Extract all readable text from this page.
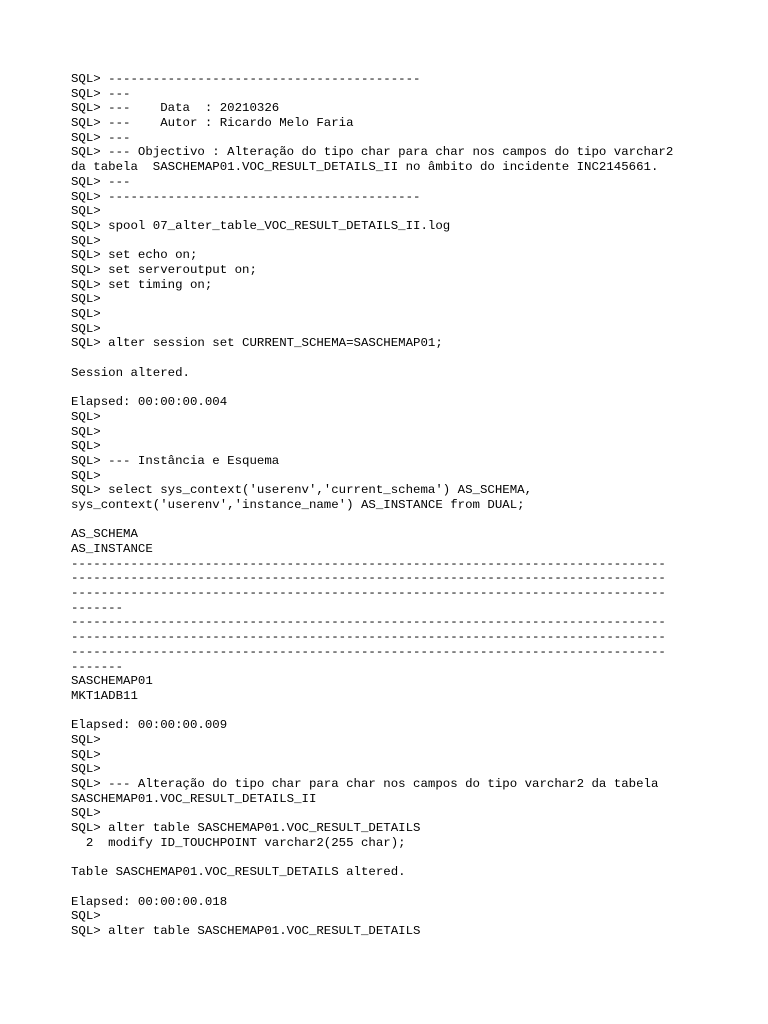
SQL> ------------------------------------------
SQL> ---
SQL> ---    Data  : 20210326
SQL> ---    Autor : Ricardo Melo Faria
SQL> ---
SQL> --- Objectivo : Alteração do tipo char para char nos campos do tipo varchar2
da tabela  SASCHEMAP01.VOC_RESULT_DETAILS_II no âmbito do incidente INC2145661.
SQL> ---
SQL> ------------------------------------------
SQL>
SQL> spool 07_alter_table_VOC_RESULT_DETAILS_II.log
SQL>
SQL> set echo on;
SQL> set serveroutput on;
SQL> set timing on;
SQL>
SQL>
SQL>
SQL> alter session set CURRENT_SCHEMA=SASCHEMAP01;
Session altered.
Elapsed: 00:00:00.004
SQL>
SQL>
SQL>
SQL> --- Instância e Esquema
SQL>
SQL> select sys_context('userenv','current_schema') AS_SCHEMA,
sys_context('userenv','instance_name') AS_INSTANCE from DUAL;
AS_SCHEMA
AS_INSTANCE
--------------------------------------------------------------------------------
--------------------------------------------------------------------------------
--------------------------------------------------------------------------------
-------
--------------------------------------------------------------------------------
--------------------------------------------------------------------------------
--------------------------------------------------------------------------------
-------
SASCHEMAP01
MKT1ADB11
Elapsed: 00:00:00.009
SQL>
SQL>
SQL>
SQL> --- Alteração do tipo char para char nos campos do tipo varchar2 da tabela
SASCHEMAP01.VOC_RESULT_DETAILS_II
SQL>
SQL> alter table SASCHEMAP01.VOC_RESULT_DETAILS
2  modify ID_TOUCHPOINT varchar2(255 char);
Table SASCHEMAP01.VOC_RESULT_DETAILS altered.
Elapsed: 00:00:00.018
SQL>
SQL> alter table SASCHEMAP01.VOC_RESULT_DETAILS
